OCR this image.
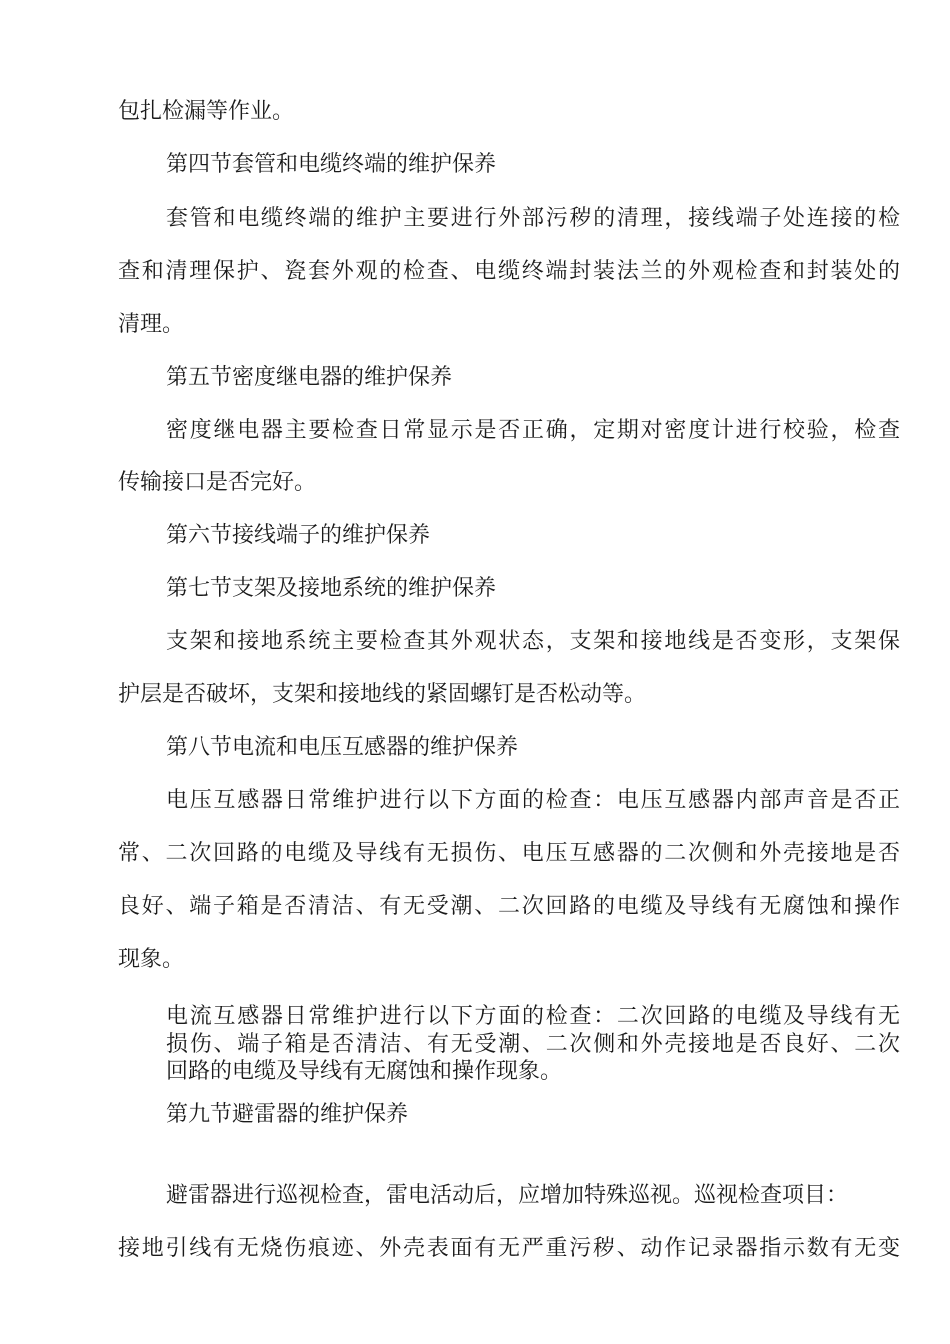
包扎检漏等作业。
第四节套管和电缆终端的维护保养
套管和电缆终端的维护主要进行外部污秽的清理，接线端子处连接的检
查和清理保护、瓷套外观的检查、电缆终端封装法兰的外观检查和封装处的
清理。
第五节密度继电器的维护保养
密度继电器主要检查日常显示是否正确，定期对密度计进行校验，检查
传输接口是否完好。
第六节接线端子的维护保养
第七节支架及接地系统的维护保养
支架和接地系统主要检查其外观状态，支架和接地线是否变形，支架保
护层是否破坏，支架和接地线的紧固螺钉是否松动等。
第八节电流和电压互感器的维护保养
电压互感器日常维护进行以下方面的检查：电压互感器内部声音是否正
常、二次回路的电缆及导线有无损伤、电压互感器的二次侧和外壳接地是否
良好、端子箱是否清洁、有无受潮、二次回路的电缆及导线有无腐蚀和操作
现象。
电流互感器日常维护进行以下方面的检查：二次回路的电缆及导线有无
损伤、端子箱是否清洁、有无受潮、二次侧和外壳接地是否良好、二次
回路的电缆及导线有无腐蚀和操作现象。
第九节避雷器的维护保养
避雷器进行巡视检查，雷电活动后，应增加特殊巡视。巡视检查项目：
接地引线有无烧伤痕迹、外壳表面有无严重污秽、动作记录器指示数有无变
